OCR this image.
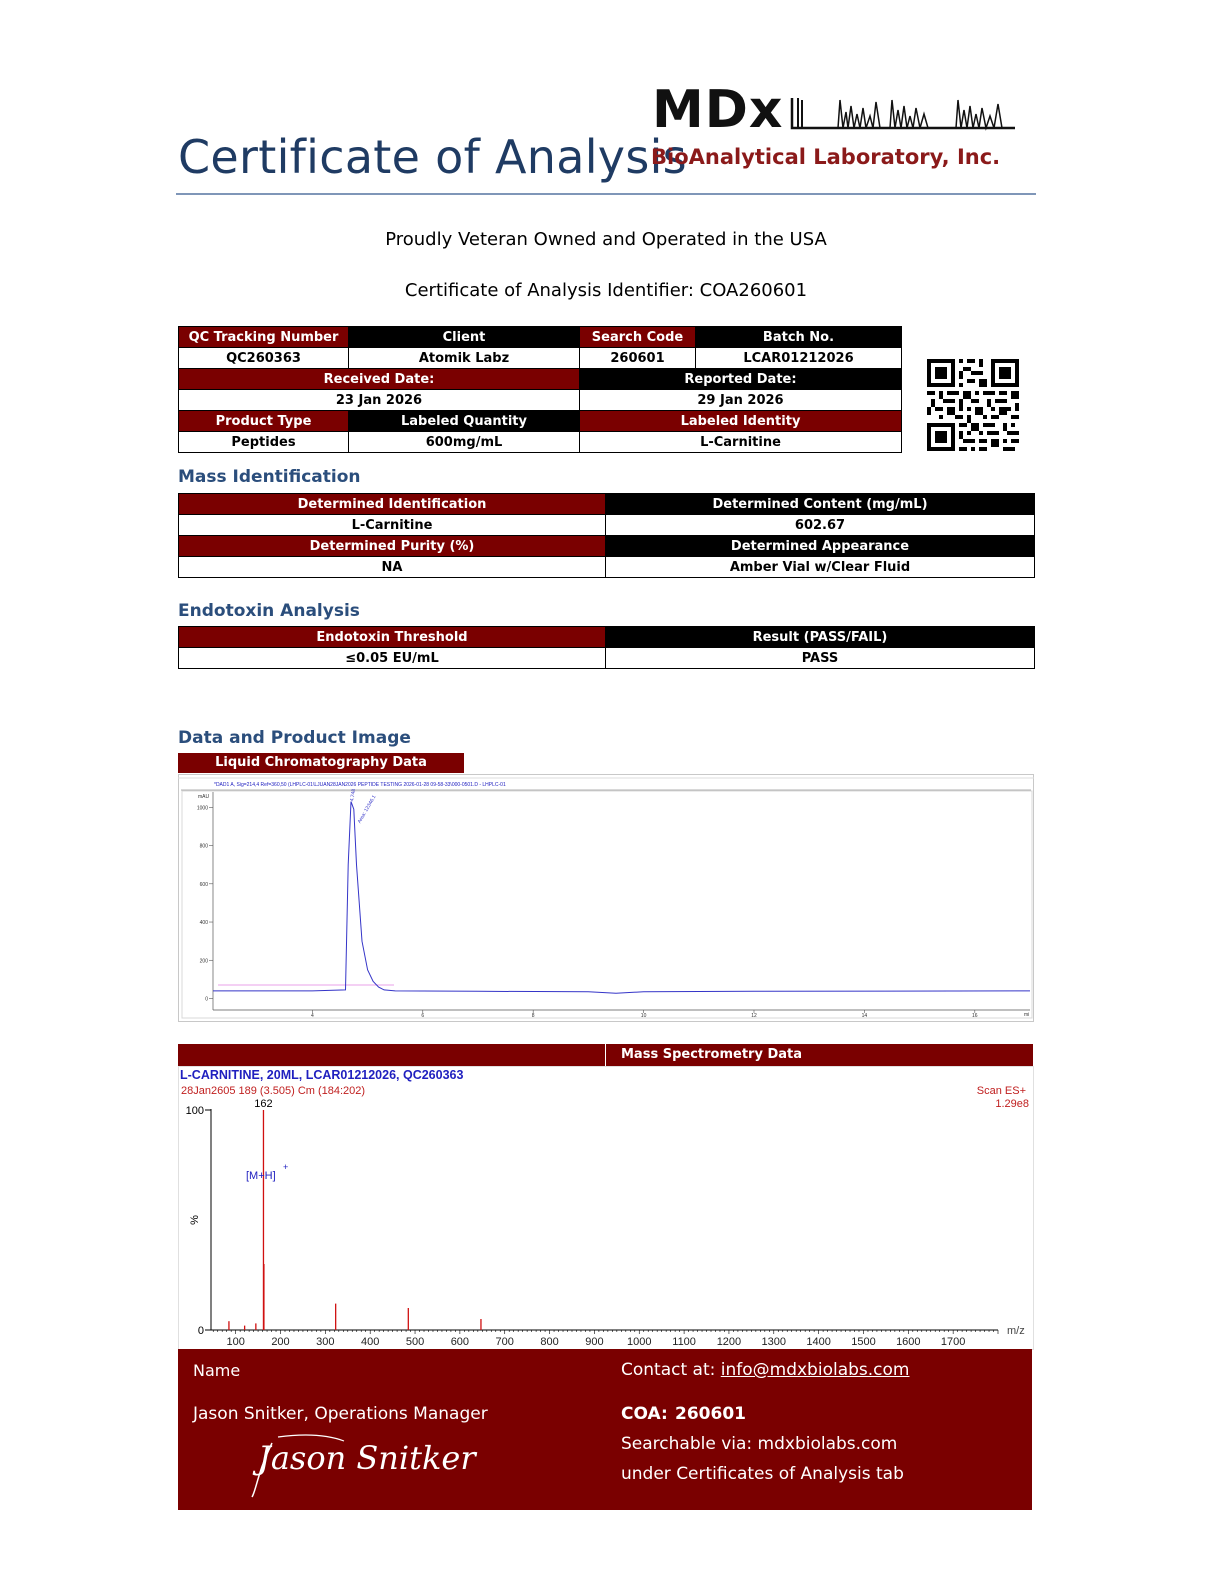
Certificate of Analysis
MDx
BioAnalytical Laboratory, Inc.
Proudly Veteran Owned and Operated in the USA
Certificate of Analysis Identifier: COA260601
QC Tracking Number	Client	Search Code	Batch No.
QC260363	Atomik Labz	260601	LCAR01212026
Received Date:		Reported Date:	
23 Jan 2026		29 Jan 2026	
Product Type	Labeled Quantity	Labeled Identity	
Peptides	600mg/mL	L-Carnitine	
Mass Identification
Determined Identification	Determined Content (mg/mL)
L-Carnitine	602.67
Determined Purity (%)	Determined Appearance
NA	Amber Vial w/Clear Fluid
Endotoxin Analysis
Endotoxin Threshold	Result (PASS/FAIL)
≤0.05 EU/mL	PASS
Data and Product Image
Liquid Chromatography Data
*DAD1 A, Sig=214,4 Ref=360,50 (LHPLC-01\LJUAN28JAN2026 PEPTIDE TESTING 2026-01-28 09-58-33\000-0501.D - LHPLC-01
mAU
mi
1000
800
600
400
200
0
4	6	8	10	12	14	16
4.748 Area: 12346.1
Mass Spectrometry Data
L-CARNITINE, 20ML, LCAR01212026, QC260363
28Jan2605 189 (3.505) Cm (184:202)	Scan ES+
1.29e8
100
0
%
m/z
100 200 300 400 500 600 700 800 900 1000 1100 1200 1300 1400 1500 1600 1700
162
[M+H]
+
Name
Jason Snitker, Operations Manager
Jason Snitker
Contact at: info@mdxbiolabs.com
COA: 260601
Searchable via: mdxbiolabs.com
under Certificates of Analysis tab
